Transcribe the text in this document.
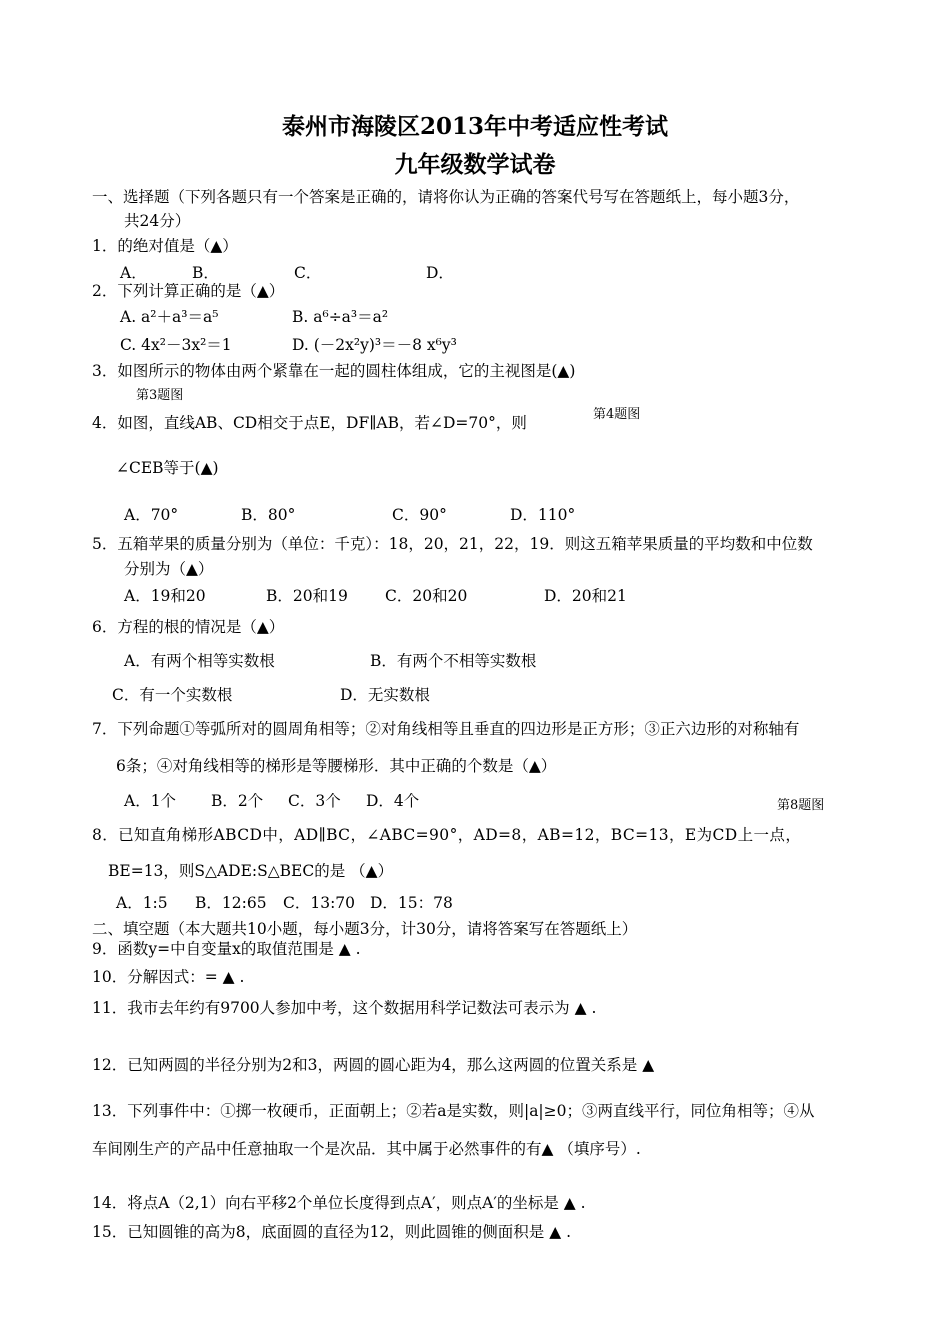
泰州市海陵区2013年中考适应性考试
九年级数学试卷
一、选择题（下列各题只有一个答案是正确的，请将你认为正确的答案代号写在答题纸上，每小题3分，
共24分）
1．的绝对值是（▲）
A．	B．	C．	D．
2．下列计算正确的是（▲）
A. a²＋a³＝a⁵	B. a⁶÷a³＝a²
C. 4x²－3x²＝1	D. (－2x²y)³＝－8 x⁶y³
3．如图所示的物体由两个紧靠在一起的圆柱体组成，它的主视图是(▲)
第3题图
4．如图，直线AB、CD相交于点E，DF∥AB，若∠D=70°，则	第4题图
∠CEB等于(▲)
A．70°	B．80°	C．90°	D．110°
5．五箱苹果的质量分别为（单位：千克）：18，20，21，22，19．则这五箱苹果质量的平均数和中位数
分别为（▲）
A．19和20	B．20和19 C．20和20	D．20和21
6．方程的根的情况是（▲）
A．有两个相等实数根	B．有两个不相等实数根
C．有一个实数根	D．无实数根
7．下列命题①等弧所对的圆周角相等；②对角线相等且垂直的四边形是正方形；③正六边形的对称轴有
6条；④对角线相等的梯形是等腰梯形．其中正确的个数是（▲）
A．1个 B．2个 C．3个 D．4个	第8题图
8．已知直角梯形ABCD中，AD∥BC，∠ABC=90°，AD=8，AB=12，BC=13，E为CD上一点，
BE=13，则S△ADE:S△BEC的是 （▲）
A．1:5 B．12:65 C．13:70 D．15：78
二、填空题（本大题共10小题，每小题3分，计30分，请将答案写在答题纸上）
9．函数y=中自变量x的取值范围是 ▲ .
10．分解因式：= ▲ .
11．我市去年约有9700人参加中考，这个数据用科学记数法可表示为 ▲ .
12．已知两圆的半径分别为2和3，两圆的圆心距为4，那么这两圆的位置关系是 ▲
13．下列事件中：①掷一枚硬币，正面朝上；②若a是实数，则|a|≥0；③两直线平行，同位角相等；④从
车间刚生产的产品中任意抽取一个是次品．其中属于必然事件的有▲ （填序号）.
14．将点A（2,1）向右平移2个单位长度得到点A′，则点A′的坐标是 ▲ .
15．已知圆锥的高为8，底面圆的直径为12，则此圆锥的侧面积是 ▲ .
